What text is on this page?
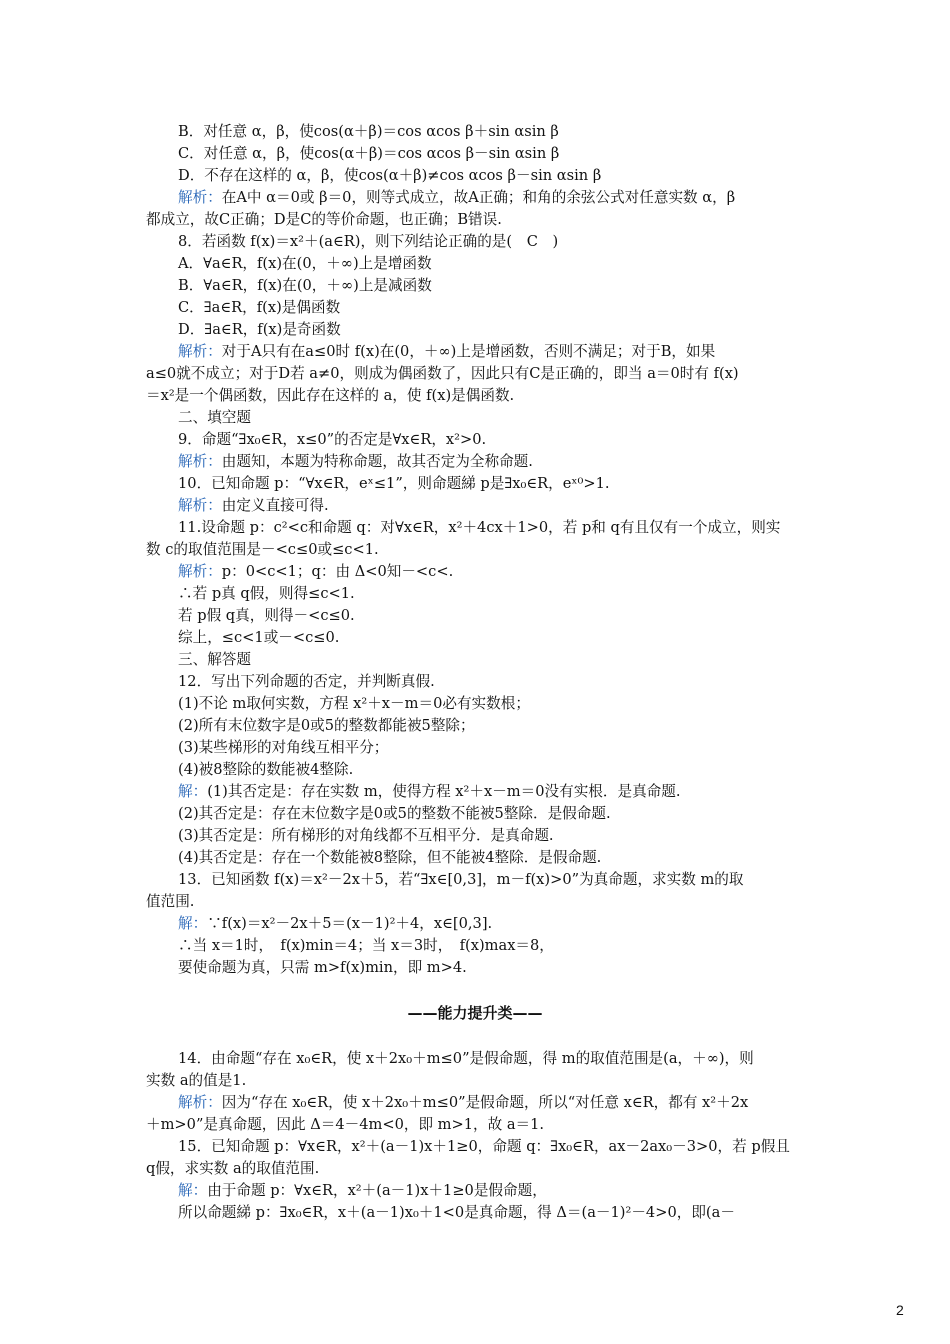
B．对任意 α，β，使cos(α＋β)＝cos αcos β＋sin αsin β
C．对任意 α，β，使cos(α＋β)＝cos αcos β－sin αsin β
D．不存在这样的 α，β，使cos(α＋β)≠cos αcos β－sin αsin β
解析：在A中 α＝0或 β＝0，则等式成立，故A正确；和角的余弦公式对任意实数 α，β
都成立，故C正确；D是C的等价命题，也正确；B错误.
8．若函数 f(x)＝x²＋(a∈R)，则下列结论正确的是(　C　)
A．∀a∈R，f(x)在(0，＋∞)上是增函数
B．∀a∈R，f(x)在(0，＋∞)上是减函数
C．∃a∈R，f(x)是偶函数
D．∃a∈R，f(x)是奇函数
解析：对于A只有在a≤0时 f(x)在(0，＋∞)上是增函数，否则不满足；对于B，如果
a≤0就不成立；对于D若 a≠0，则成为偶函数了，因此只有C是正确的，即当 a＝0时有 f(x)
＝x²是一个偶函数，因此存在这样的 a，使 f(x)是偶函数.
二、填空题
9．命题“∃x₀∈R，x≤0”的否定是∀x∈R，x²>0.
解析：由题知，本题为特称命题，故其否定为全称命题.
10．已知命题 p：“∀x∈R，eˣ≤1”，则命题綈 p是∃x₀∈R，eˣ⁰>1.
解析：由定义直接可得.
11.设命题 p：c²<c和命题 q：对∀x∈R，x²＋4cx＋1>0，若 p和 q有且仅有一个成立，则实
数 c的取值范围是－<c≤0或≤c<1.
解析：p：0<c<1；q：由 Δ<0知－<c<.
∴若 p真 q假，则得≤c<1.
若 p假 q真，则得－<c≤0.
综上，≤c<1或－<c≤0.
三、解答题
12．写出下列命题的否定，并判断真假.
(1)不论 m取何实数，方程 x²＋x－m＝0必有实数根；
(2)所有末位数字是0或5的整数都能被5整除；
(3)某些梯形的对角线互相平分；
(4)被8整除的数能被4整除.
解：(1)其否定是：存在实数 m，使得方程 x²＋x－m＝0没有实根．是真命题.
(2)其否定是：存在末位数字是0或5的整数不能被5整除．是假命题.
(3)其否定是：所有梯形的对角线都不互相平分．是真命题.
(4)其否定是：存在一个数能被8整除，但不能被4整除．是假命题.
13．已知函数 f(x)＝x²－2x＋5，若“∃x∈[0,3]，m－f(x)>0”为真命题，求实数 m的取
值范围.
解：∵f(x)＝x²－2x＋5＝(x－1)²＋4，x∈[0,3].
∴当 x＝1时，　f(x)min＝4；当 x＝3时，　f(x)max＝8，
要使命题为真，只需 m>f(x)min，即 m>4.
——能力提升类——
14．由命题“存在 x₀∈R，使 x＋2x₀＋m≤0”是假命题，得 m的取值范围是(a，＋∞)，则
实数 a的值是1.
解析：因为“存在 x₀∈R，使 x＋2x₀＋m≤0”是假命题，所以“对任意 x∈R，都有 x²＋2x
＋m>0”是真命题，因此 Δ＝4－4m<0，即 m>1，故 a＝1.
15．已知命题 p：∀x∈R，x²＋(a－1)x＋1≥0，命题 q：∃x₀∈R，ax－2ax₀－3>0，若 p假且
q假，求实数 a的取值范围.
解：由于命题 p：∀x∈R，x²＋(a－1)x＋1≥0是假命题，
所以命题綈 p：∃x₀∈R，x＋(a－1)x₀＋1<0是真命题，得 Δ＝(a－1)²－4>0，即(a－
2
